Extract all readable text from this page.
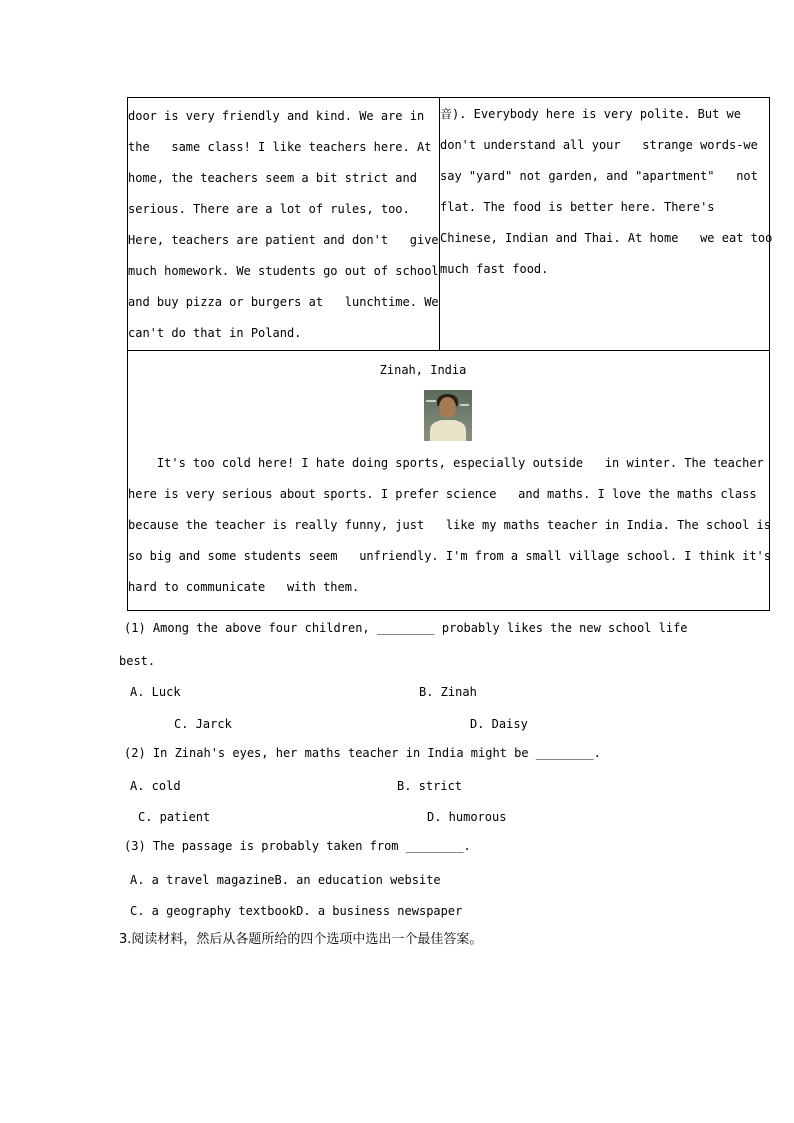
door is very friendly and kind. We are in

the   same class! I like teachers here. At

home, the teachers seem a bit strict and

serious. There are a lot of rules, too.

Here, teachers are patient and don't   give

much homework. We students go out of school

and buy pizza or burgers at   lunchtime. We

can't do that in Poland.

音). Everybody here is very polite. But we

don't understand all your   strange words-we

say "yard" not garden, and "apartment"   not

flat. The food is better here. There's

Chinese, Indian and Thai. At home   we eat too

much fast food.

Zinah, India

It's too cold here! I hate doing sports, especially outside   in winter. The teacher

here is very serious about sports. I prefer science   and maths. I love the maths class

because the teacher is really funny, just   like my maths teacher in India. The school is

so big and some students seem   unfriendly. I'm from a small village school. I think it's

hard to communicate   with them.

(1) Among the above four children, ________ probably likes the new school life

best.

A. Luck	B. Zinah

C. Jarck	D. Daisy

(2) In Zinah's eyes, her maths teacher in India might be ________.

A. cold	B. strict

C. patient	D. humorous

(3) The passage is probably taken from ________.

A. a travel magazineB. an education website

C. a geography textbookD. a business newspaper

3.阅读材料，然后从各题所给的四个选项中选出一个最佳答案。
